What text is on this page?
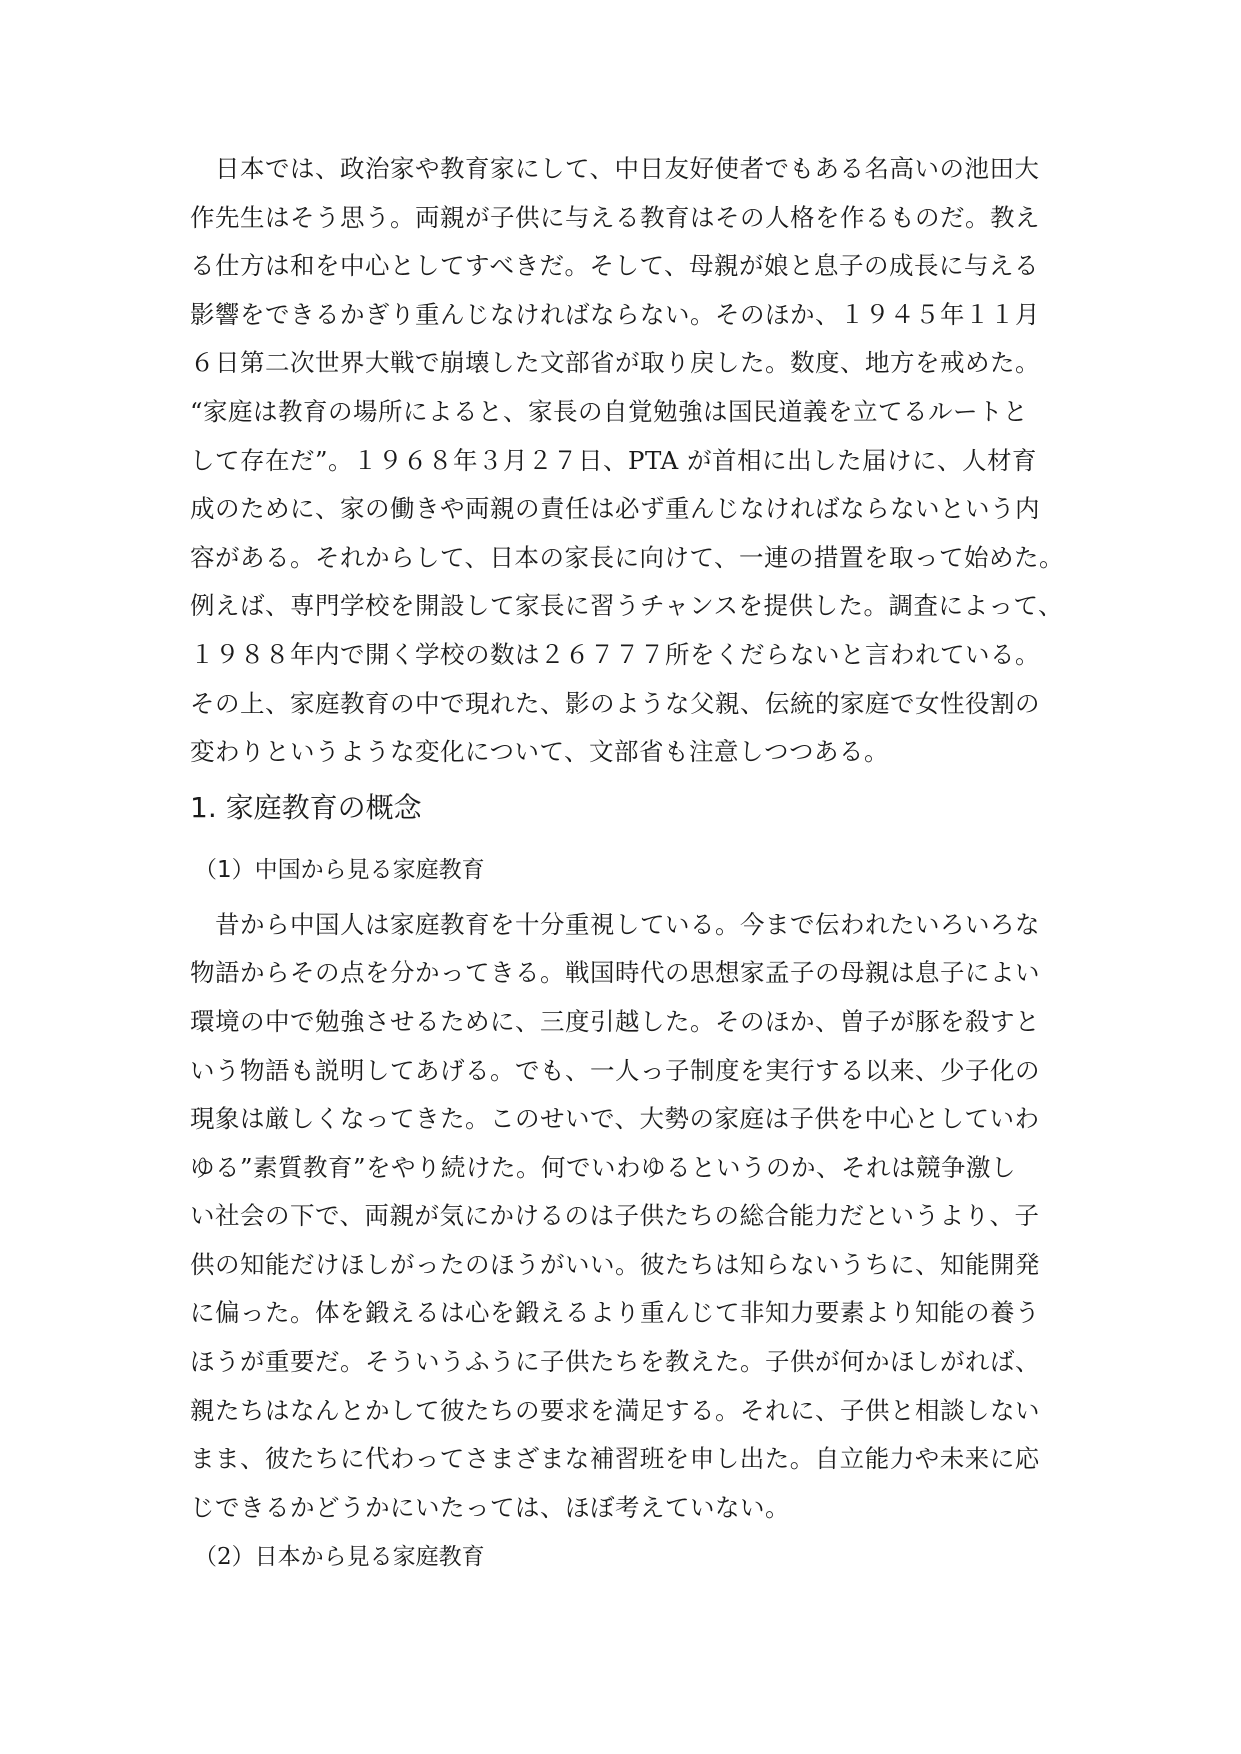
　日本では、政治家や教育家にして、中日友好使者でもある名高いの池田大
作先生はそう思う。両親が子供に与える教育はその人格を作るものだ。教え
る仕方は和を中心としてすべきだ。そして、母親が娘と息子の成長に与える
影響をできるかぎり重んじなければならない。そのほか、１９４５年１１月
６日第二次世界大戦で崩壊した文部省が取り戻した。数度、地方を戒めた。
“家庭は教育の場所によると、家長の自覚勉強は国民道義を立てるルートと
して存在だ”。１９６８年３月２７日、PTA が首相に出した届けに、人材育
成のために、家の働きや両親の責任は必ず重んじなければならないという内
容がある。それからして、日本の家長に向けて、一連の措置を取って始めた。
例えば、専門学校を開設して家長に習うチャンスを提供した。調査によって、
１９８８年内で開く学校の数は２６７７７所をくだらないと言われている。
その上、家庭教育の中で現れた、影のような父親、伝統的家庭で女性役割の
変わりというような変化について、文部省も注意しつつある。
1. 家庭教育の概念
（1）中国から見る家庭教育
　昔から中国人は家庭教育を十分重視している。今まで伝われたいろいろな
物語からその点を分かってきる。戦国時代の思想家孟子の母親は息子によい
環境の中で勉強させるために、三度引越した。そのほか、曽子が豚を殺すと
いう物語も説明してあげる。でも、一人っ子制度を実行する以来、少子化の
現象は厳しくなってきた。このせいで、大勢の家庭は子供を中心としていわ
ゆる”素質教育”をやり続けた。何でいわゆるというのか、それは競争激し
い社会の下で、両親が気にかけるのは子供たちの総合能力だというより、子
供の知能だけほしがったのほうがいい。彼たちは知らないうちに、知能開発
に偏った。体を鍛えるは心を鍛えるより重んじて非知力要素より知能の養う
ほうが重要だ。そういうふうに子供たちを教えた。子供が何かほしがれば、
親たちはなんとかして彼たちの要求を満足する。それに、子供と相談しない
まま、彼たちに代わってさまざまな補習班を申し出た。自立能力や未来に応
じできるかどうかにいたっては、ほぼ考えていない。
（2）日本から見る家庭教育
